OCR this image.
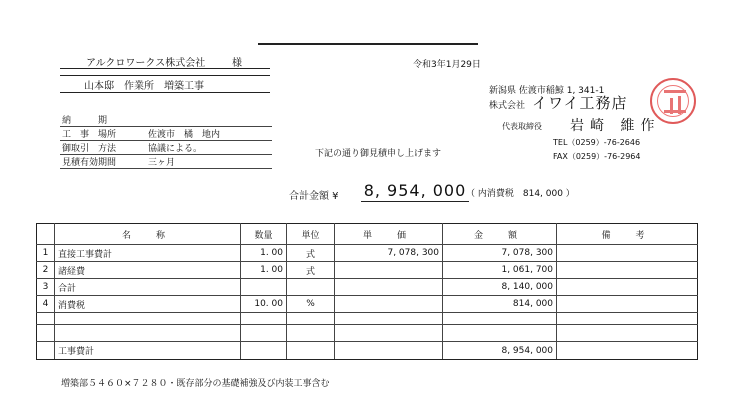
令和3年1月29日
アルクロワークス株式会社	様
山本邸　作業所　増築工事
納　　　期
工　事　場所	佐渡市　橘　地内
御取引　方法	協議による。
見積有効期間	三ヶ月
下記の通り御見積申し上げます
新潟県 佐渡市稲鯨 1, 341-1
株式会社 イワイ工務店
代表取締役 岩崎 維作
TEL（0259）-76-2646
FAX（0259）-76-2964
合計金額 ¥ 8, 954, 000 （ 内消費税　814, 000 ）
	名　称	数量	単位	単　価	金　額	備　考
1	直接工事費計	1. 00	式	7, 078, 300	7, 078, 300	
2	諸経費	1. 00	式		1, 061, 700	
3	合計				8, 140, 000	
4	消費税	10. 00	%		814, 000	

	工事費計				8, 954, 000	
増築部５４６０×７２８０・既存部分の基礎補強及び内装工事含む
